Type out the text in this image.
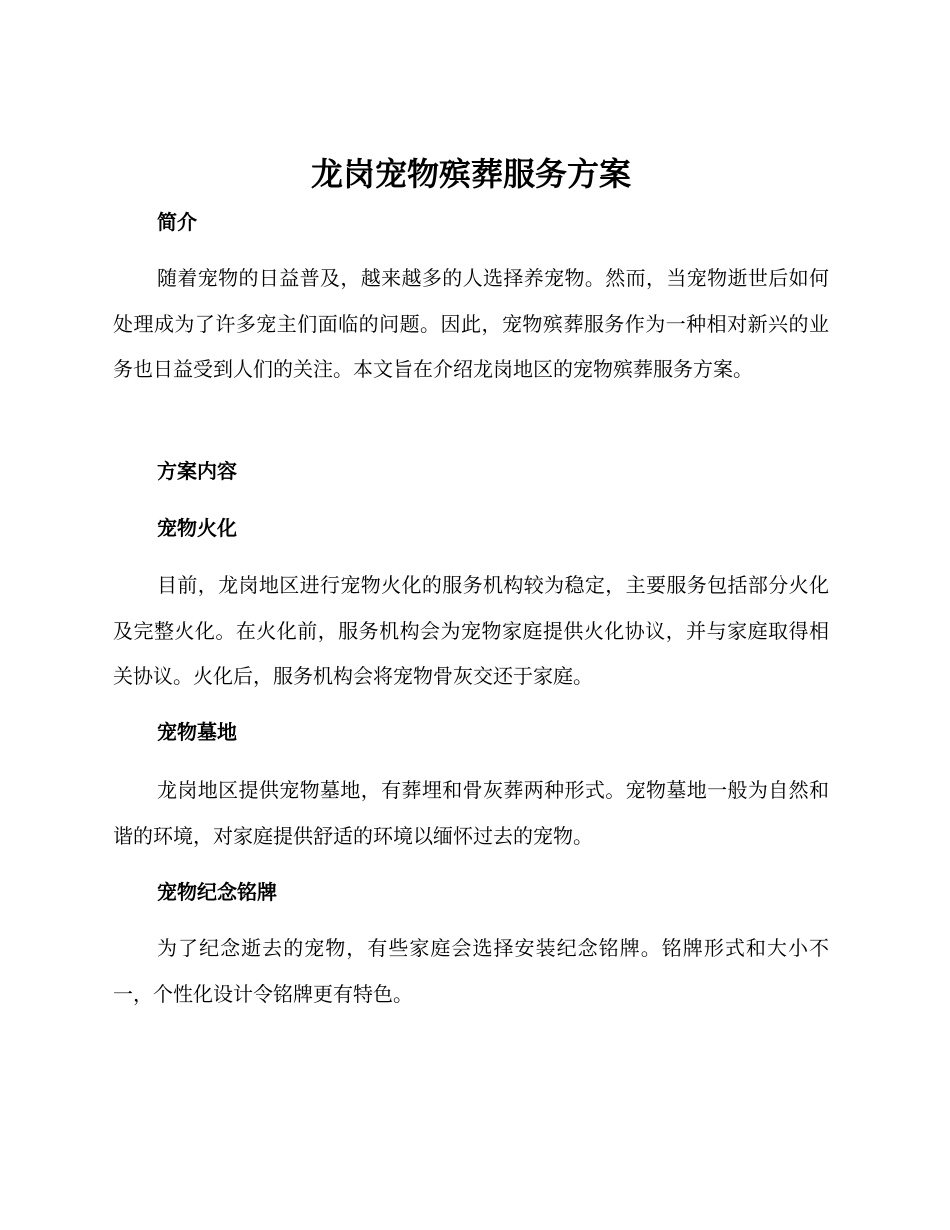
龙岗宠物殡葬服务方案
简介

随着宠物的日益普及，越来越多的人选择养宠物。然而，当宠物逝世后如何处理成为了许多宠主们面临的问题。因此，宠物殡葬服务作为一种相对新兴的业务也日益受到人们的关注。本文旨在介绍龙岗地区的宠物殡葬服务方案。

方案内容
宠物火化

目前，龙岗地区进行宠物火化的服务机构较为稳定，主要服务包括部分火化及完整火化。在火化前，服务机构会为宠物家庭提供火化协议，并与家庭取得相关协议。火化后，服务机构会将宠物骨灰交还于家庭。

宠物墓地

龙岗地区提供宠物墓地，有葬埋和骨灰葬两种形式。宠物墓地一般为自然和谐的环境，对家庭提供舒适的环境以缅怀过去的宠物。

宠物纪念铭牌

为了纪念逝去的宠物，有些家庭会选择安装纪念铭牌。铭牌形式和大小不一，个性化设计令铭牌更有特色。
